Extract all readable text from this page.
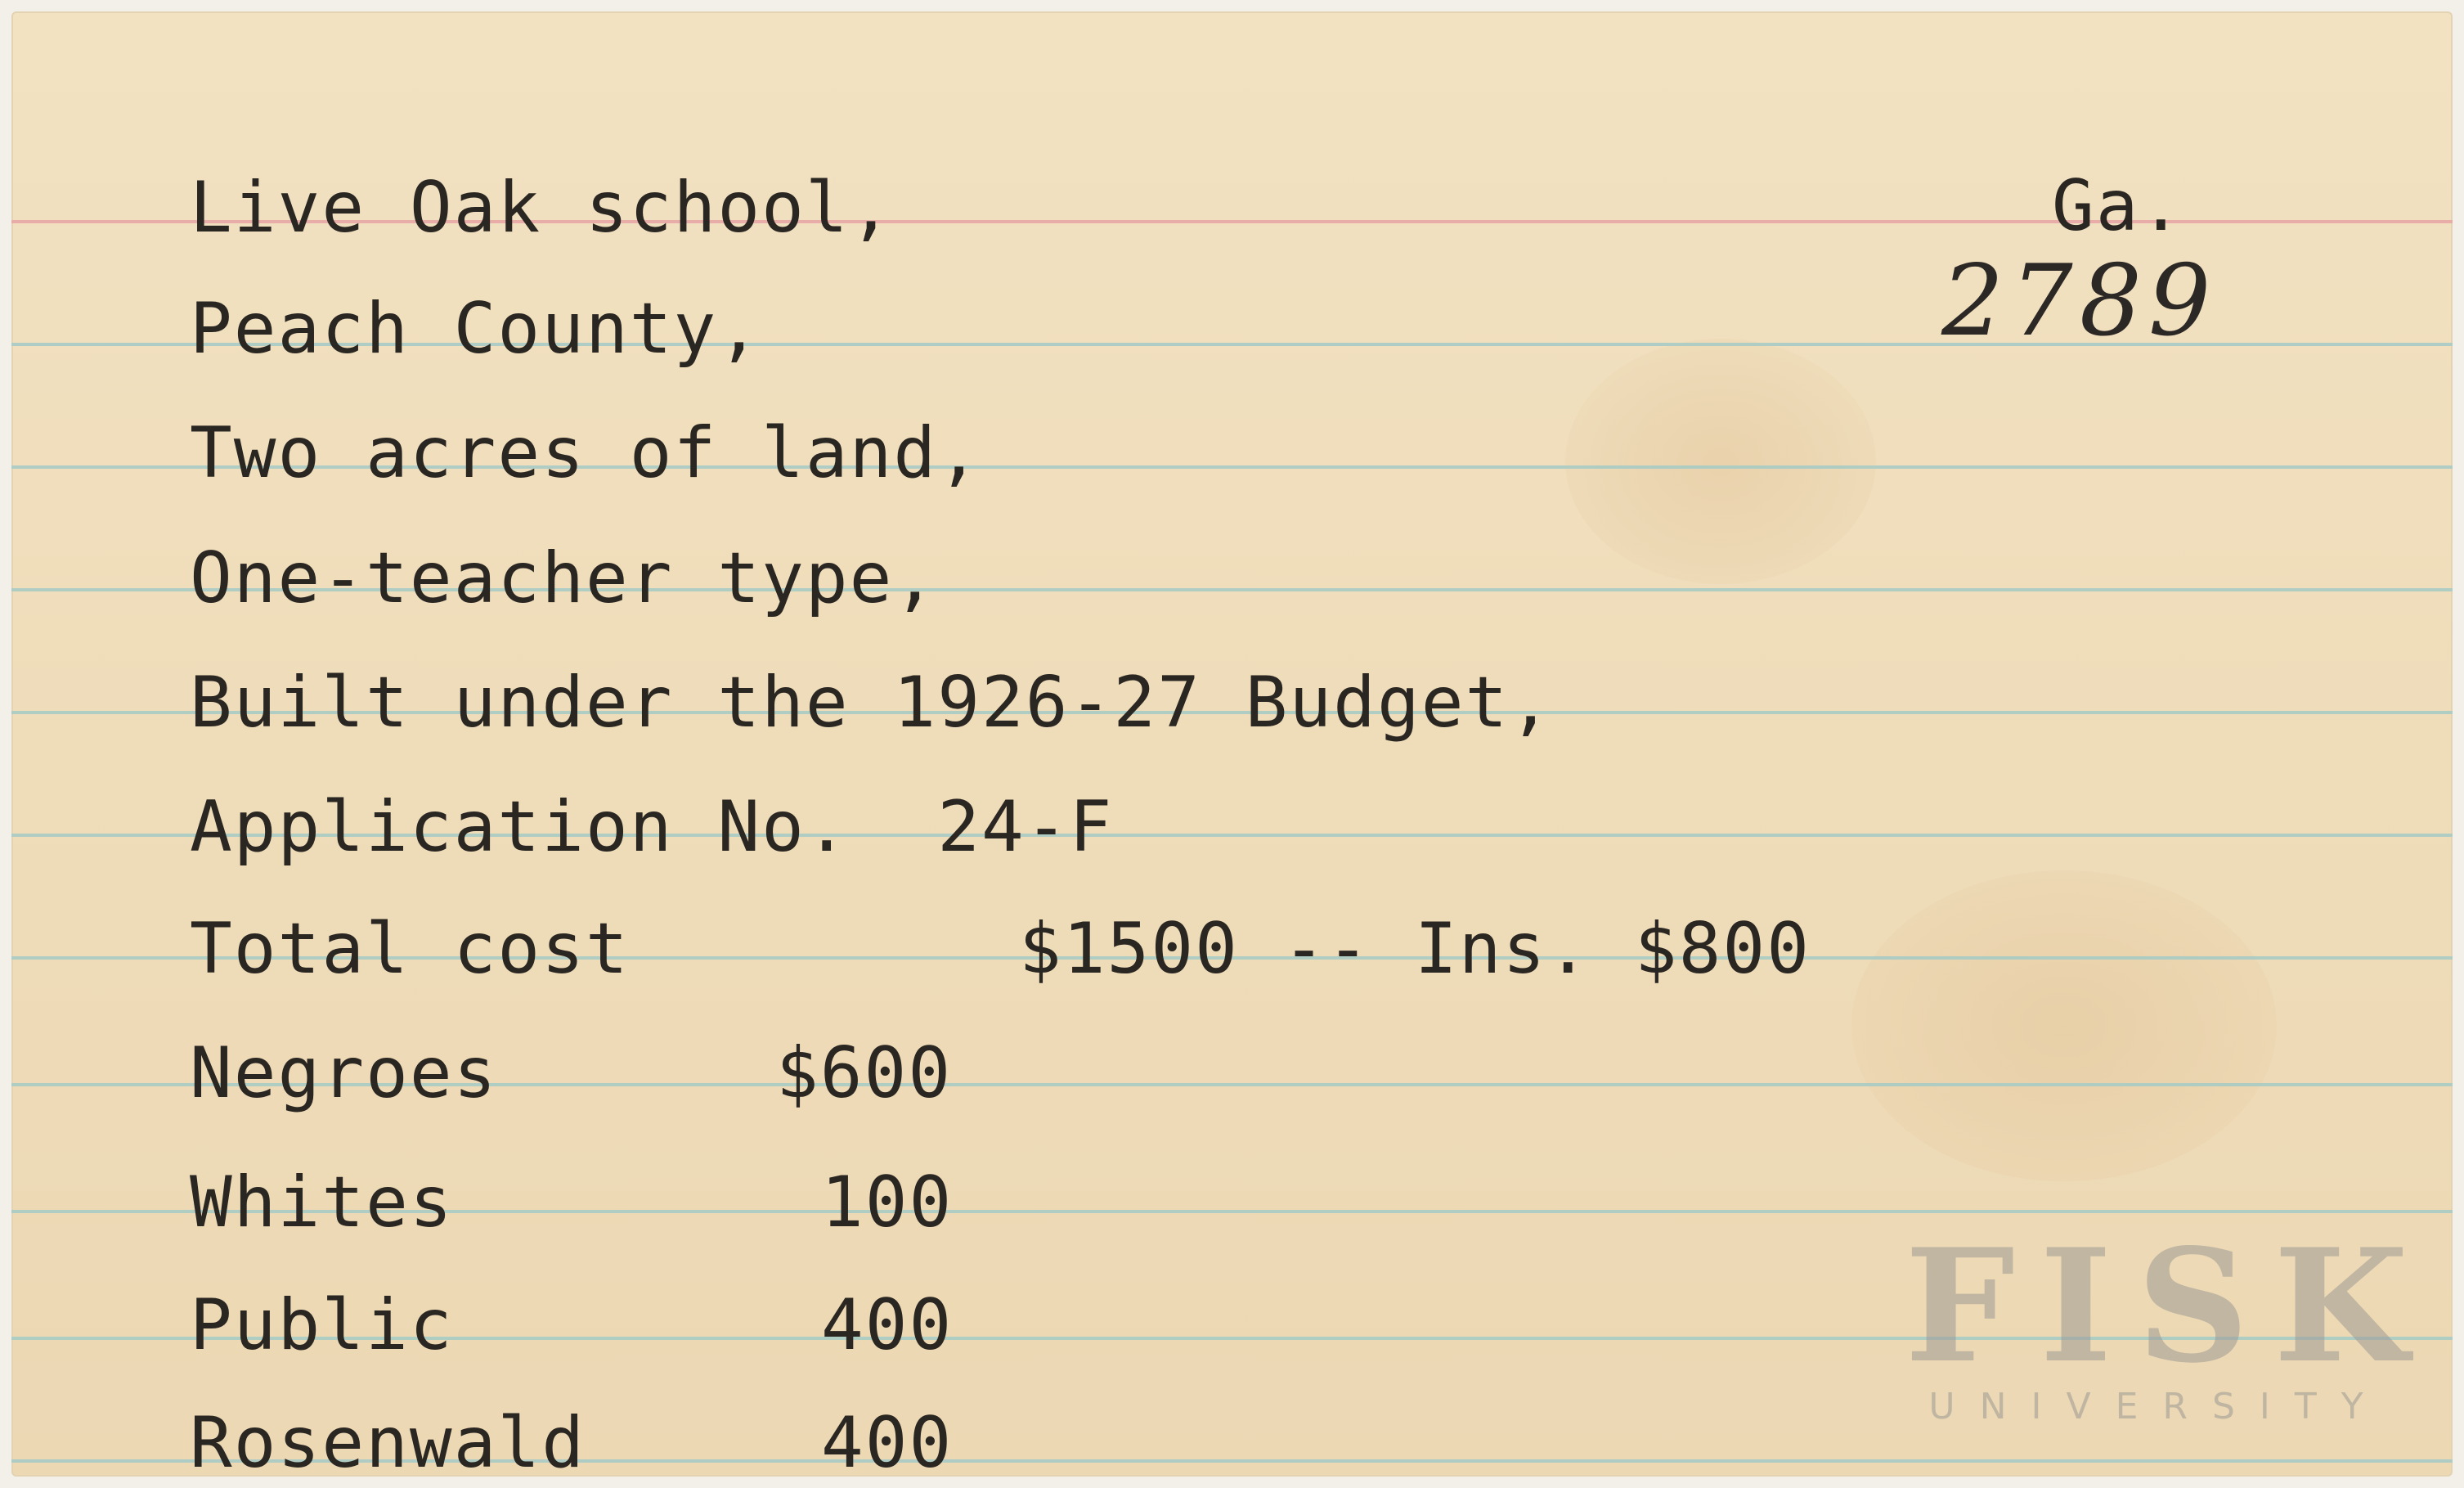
Ga.
2789
Live Oak school,
Peach County,
Two acres of land,
One-teacher type,
Built under the 1926-27 Budget,
Application No.  24-F
Total cost	$1500 -- Ins. $800
Negroes	$600
Whites	100
Public	400
Rosenwald	400
FISK
UNIVERSITY
